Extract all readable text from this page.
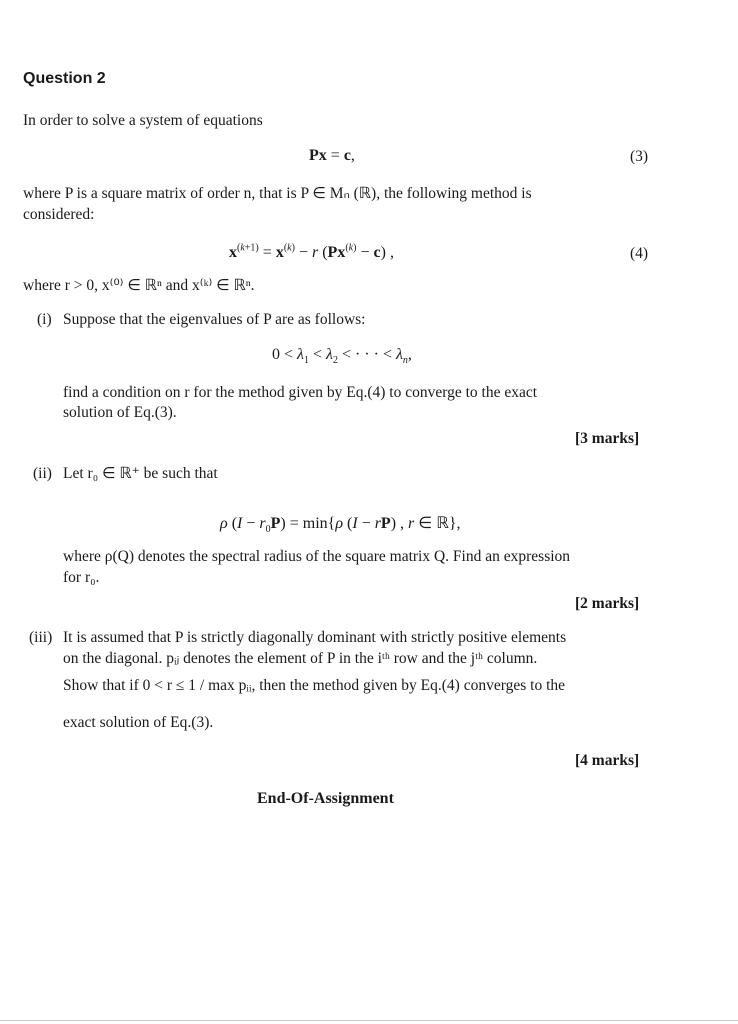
Question 2
In order to solve a system of equations
Px = c,	(3)
where P is a square matrix of order n, that is P ∈ Mₙ (ℝ), the following method is
considered:
$x^{(k+1)} = x^{(k)} - r$ $(Px^{(k)} - c)$ ,	(4)
where r > 0, x⁽⁰⁾ ∈ ℝⁿ and x⁽ᵏ⁾ ∈ ℝⁿ.
(i) Suppose that the eigenvalues of P are as follows:
$0 < \lambda_1 < \lambda_2$ < · · · < $\lambda_n$,
find a condition on r for the method given by Eq.(4) to converge to the exact
solution of Eq.(3).
[3 marks]
(ii) Let r₀ ∈ ℝ⁺ be such that
ρ $(I - r_0P) = \min\{\rho$ (I − rP) , r ∈ ℝ},
where ρ(Q) denotes the spectral radius of the square matrix Q. Find an expression
for r₀.
[2 marks]
(iii) It is assumed that P is strictly diagonally dominant with strictly positive elements
on the diagonal. pᵢⱼ denotes the element of P in the iᵗʰ row and the jᵗʰ column.
Show that if 0 < r ≤ 1 / max pᵢᵢ, then the method given by Eq.(4) converges to the
exact solution of Eq.(3).
[4 marks]
End-Of-Assignment
